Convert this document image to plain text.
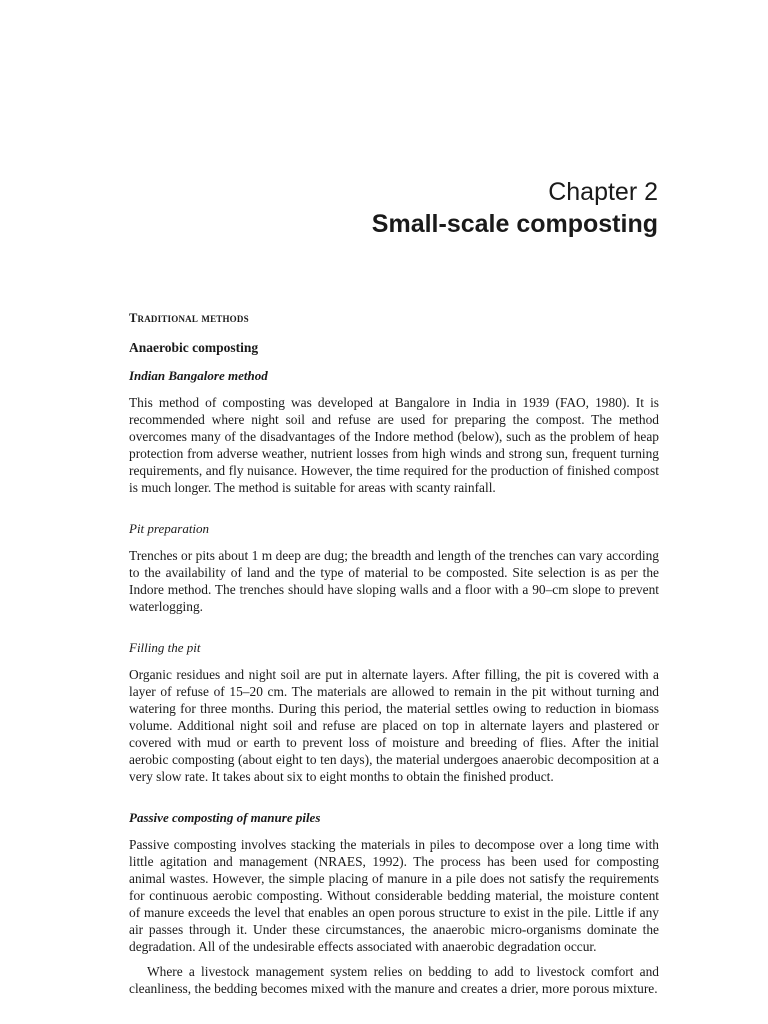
Chapter 2
Small-scale composting
Traditional methods
Anaerobic composting
Indian Bangalore method

This method of composting was developed at Bangalore in India in 1939 (FAO, 1980). It is recommended where night soil and refuse are used for preparing the compost. The method overcomes many of the disadvantages of the Indore method (below), such as the problem of heap protection from adverse weather, nutrient losses from high winds and strong sun, frequent turning requirements, and fly nuisance. However, the time required for the production of finished compost is much longer. The method is suitable for areas with scanty rainfall.

Pit preparation

Trenches or pits about 1 m deep are dug; the breadth and length of the trenches can vary according to the availability of land and the type of material to be composted. Site selection is as per the Indore method. The trenches should have sloping walls and a floor with a 90–cm slope to prevent waterlogging.

Filling the pit

Organic residues and night soil are put in alternate layers. After filling, the pit is covered with a layer of refuse of 15–20 cm. The materials are allowed to remain in the pit without turning and watering for three months. During this period, the material settles owing to reduction in biomass volume. Additional night soil and refuse are placed on top in alternate layers and plastered or covered with mud or earth to prevent loss of moisture and breeding of flies. After the initial aerobic composting (about eight to ten days), the material undergoes anaerobic decomposition at a very slow rate. It takes about six to eight months to obtain the finished product.

Passive composting of manure piles

Passive composting involves stacking the materials in piles to decompose over a long time with little agitation and management (NRAES, 1992). The process has been used for composting animal wastes. However, the simple placing of manure in a pile does not satisfy the requirements for continuous aerobic composting. Without considerable bedding material, the moisture content of manure exceeds the level that enables an open porous structure to exist in the pile. Little if any air passes through it. Under these circumstances, the anaerobic micro-organisms dominate the degradation. All of the undesirable effects associated with anaerobic degradation occur.

Where a livestock management system relies on bedding to add to livestock comfort and cleanliness, the bedding becomes mixed with the manure and creates a drier, more porous mixture.
